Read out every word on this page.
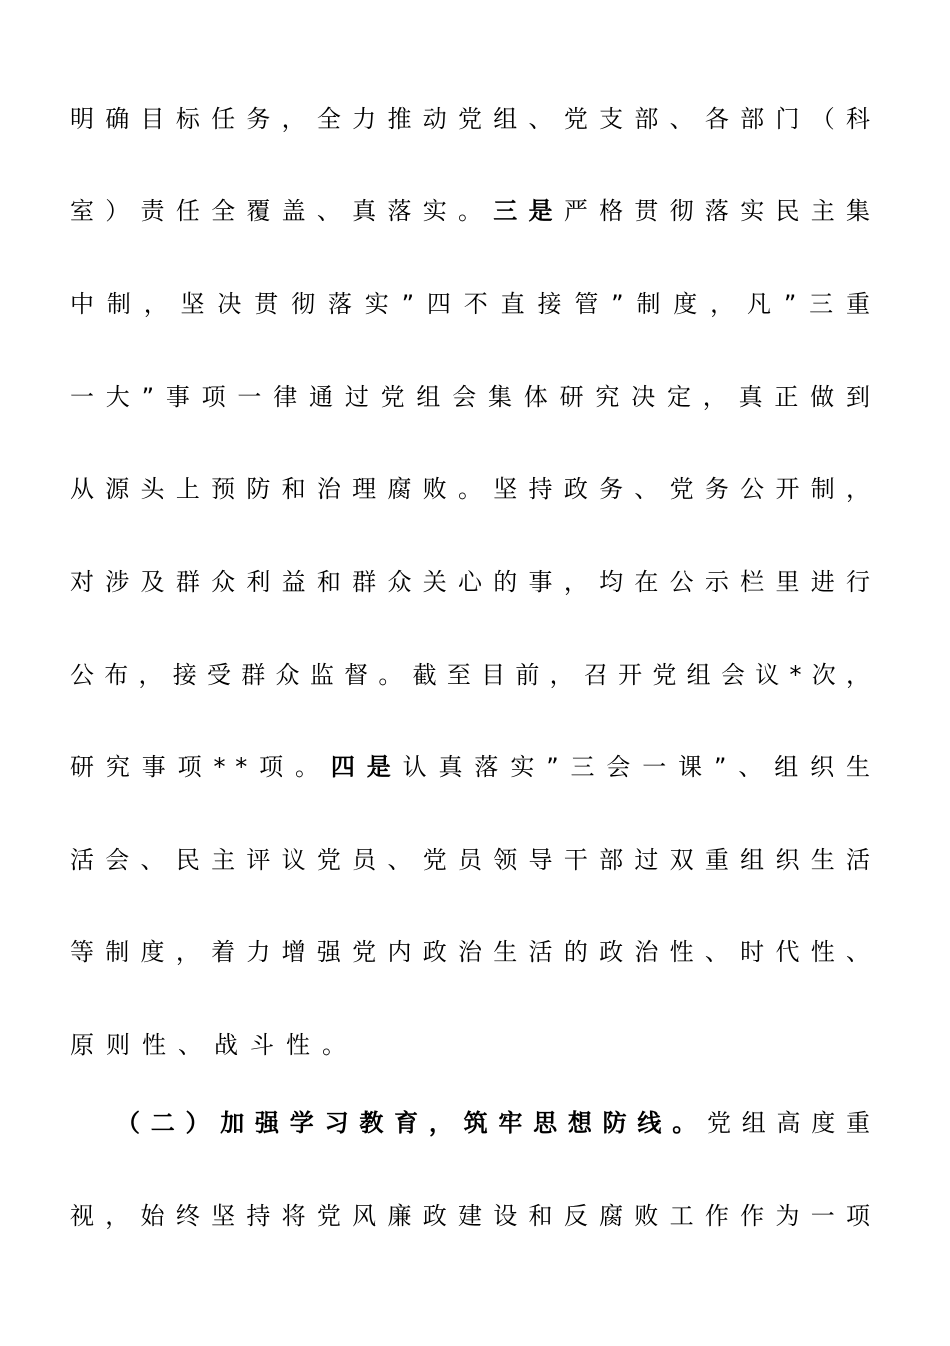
明确目标任务，全力推动党组、党支部、各部门（科
室）责任全覆盖、真落实。三是严格贯彻落实民主集
中制，坚决贯彻落实”四不直接管”制度，凡”三重
一大”事项一律通过党组会集体研究决定，真正做到
从源头上预防和治理腐败。坚持政务、党务公开制，
对涉及群众利益和群众关心的事，均在公示栏里进行
公布，接受群众监督。截至目前，召开党组会议*次，
研究事项**项。四是认真落实”三会一课”、组织生
活会、民主评议党员、党员领导干部过双重组织生活
等制度，着力增强党内政治生活的政治性、时代性、
原则性、战斗性。
（二）加强学习教育，筑牢思想防线。党组高度重
视，始终坚持将党风廉政建设和反腐败工作作为一项
